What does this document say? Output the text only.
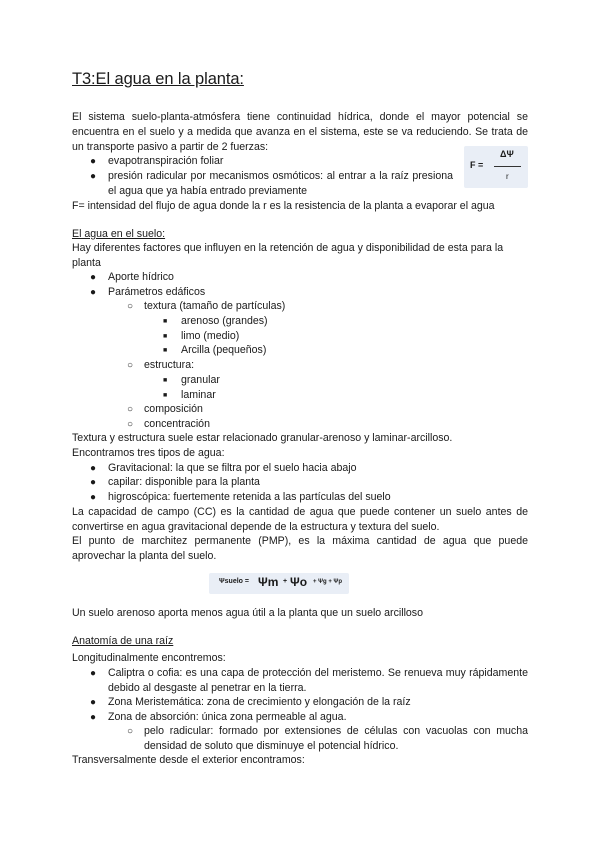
T3:El agua en la planta:

El sistema suelo-planta-atmósfera tiene continuidad hídrica, donde el mayor potencial se encuentra en el suelo y a medida que avanza en el sistema, este se va reduciendo. Se trata de un transporte pasivo a partir de 2 fuerzas:

● evapotranspiración foliar
● presión radicular por mecanismos osmóticos: al entrar a la raíz presiona el agua que ya había entrado previamente
F =
ΔΨ
r

F= intensidad del flujo de agua donde la r es la resistencia de la planta a evaporar el agua

El agua en el suelo:

Hay diferentes factores que influyen en la retención de agua y disponibilidad de esta para la planta

● Aporte hídrico
● Parámetros edáficos
○ textura (tamaño de partículas)
■ arenoso (grandes)
■ limo (medio)
■ Arcilla (pequeños)
○ estructura:
■ granular
■ laminar
○ composición
○ concentración

Textura y estructura suele estar relacionado granular-arenoso y laminar-arcilloso.

Encontramos tres tipos de agua:

● Gravitacional: la que se filtra por el suelo hacia abajo
● capilar: disponible para la planta
● higroscópica: fuertemente retenida a las partículas del suelo

La capacidad de campo (CC) es la cantidad de agua que puede contener un suelo antes de convertirse en agua gravitacional depende de la estructura y textura del suelo.

El punto de marchitez permanente (PMP), es la máxima cantidad de agua que puede aprovechar la planta del suelo.

Ψsuelo = Ψm + Ψo + Ψg + Ψp

Un suelo arenoso aporta menos agua útil a la planta que un suelo arcilloso

Anatomía de una raíz

Longitudinalmente encontremos:

● Caliptra o cofia: es una capa de protección del meristemo. Se renueva muy rápidamente debido al desgaste al penetrar en la tierra.
● Zona Meristemática: zona de crecimiento y elongación de la raíz
● Zona de absorción: única zona permeable al agua.
○ pelo radicular: formado por extensiones de células con vacuolas con mucha densidad de soluto que disminuye el potencial hídrico.

Transversalmente desde el exterior encontramos:
